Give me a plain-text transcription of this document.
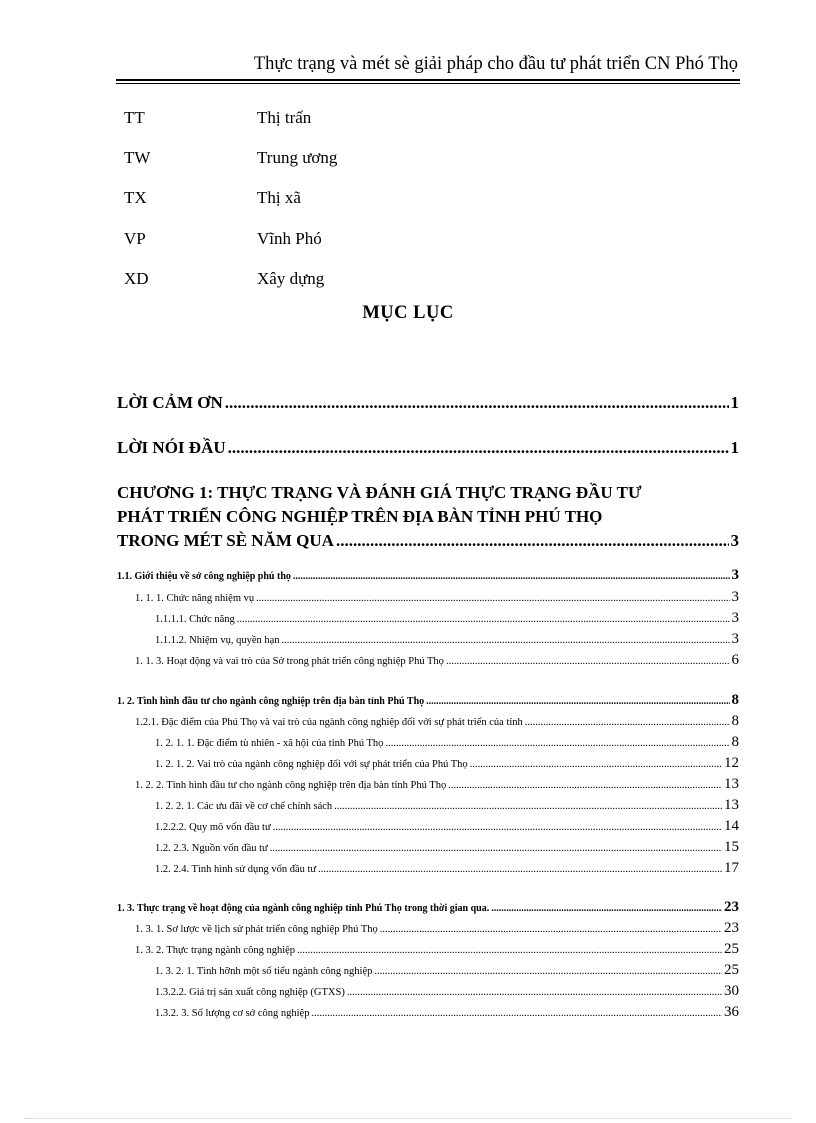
Thực trạng và mét sè giải pháp cho đầu tư phát triển CN Phó Thọ
TT	Thị trấn
TW	Trung ương
TX	Thị xã
VP	Vĩnh Phó
XD	Xây dựng
MỤC LỤC
LỜI CẢM ƠN .....	1
LỜI NÓI ĐẦU .....	1
CHƯƠNG 1: THỰC TRẠNG VÀ ĐÁNH GIÁ THỰC TRẠNG ĐẦU TƯ
PHÁT TRIỂN CÔNG NGHIỆP TRÊN ĐỊA BÀN TỈNH PHÚ THỌ
TRONG MÉT SÈ NĂM QUA .....	3
1.1. Giới thiệu về sở công nghiệp phú thọ .....	3
1. 1. 1. Chức năng nhiệm vụ .....	3
1.1.1.1. Chức năng .....	3
1.1.1.2. Nhiệm vụ, quyền hạn .....	3
1. 1. 3. Hoạt động và vai trò của Sở trong phát triển công nghiệp Phú Thọ .....	6
1. 2. Tình hình đầu tư cho ngành công nghiệp trên địa bàn tỉnh Phú Thọ .....	8
1.2.1. Đặc điểm của Phú Thọ và vai trò của ngành công nghiệp đối với sự phát triển của tỉnh .....	8
1. 2. 1. 1. Đặc điểm tù nhiên - xã hội của tỉnh Phú Thọ .....	8
1. 2. 1. 2. Vai trò của ngành công nghiệp đối với sự phát triển của Phú Thọ .....	12
1. 2. 2. Tình hình đầu tư cho ngành công nghiệp trên địa bàn tỉnh Phú Thọ .....	13
1. 2. 2. 1. Các ưu đãi về cơ chế chính sách .....	13
1.2.2.2. Quy mô vốn đầu tư .....	14
1.2. 2.3. Nguồn vốn đầu tư .....	15
1.2. 2.4. Tình hình sử dụng vốn đầu tư .....	17
1. 3. Thực trạng về hoạt động của ngành công nghiệp tỉnh Phú Thọ trong thời gian qua. .....	23
1. 3. 1. Sơ lược về lịch sử phát triển công nghiệp Phú Thọ .....	23
1. 3. 2. Thực trạng ngành công nghiệp .....	25
1. 3. 2. 1. Tình hỡnh một số tiểu ngành công nghiệp .....	25
1.3.2.2. Giá trị sản xuất công nghiệp (GTXS) .....	30
1.3.2. 3. Số lượng cơ sở công nghiệp .....	36
